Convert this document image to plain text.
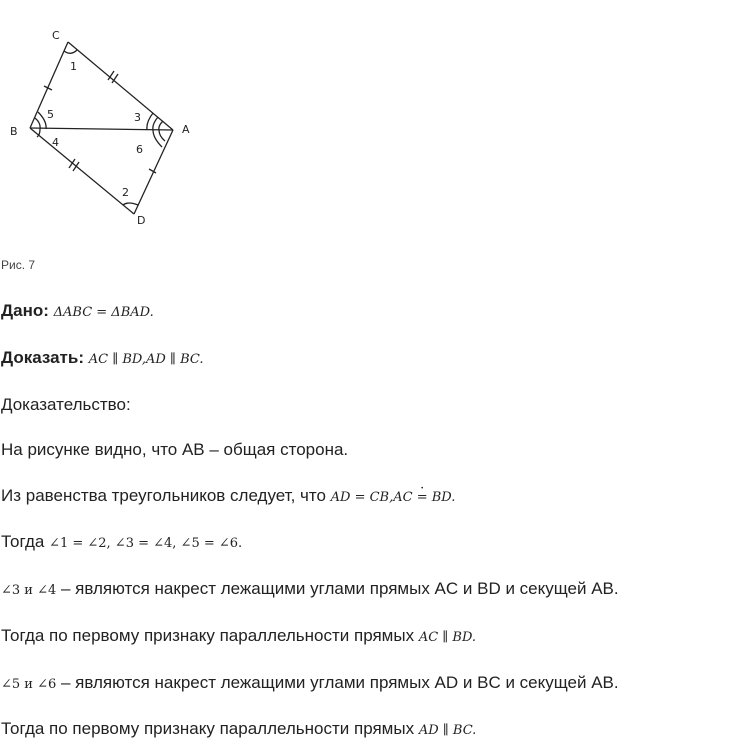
C
B	A
D
1
2
3
4
5
6
Рис. 7
Дано: ΔABC = ΔBAD.
Доказать: AC ∥ BD,AD ∥ BC.
Доказательство:
На рисунке видно, что AB – общая сторона.
Из равенства треугольников следует, что AD = CB,AC = · BD.
Тогда ∠1 = ∠2, ∠3 = ∠4, ∠5 = ∠6.
∠3 и ∠4 – являются накрест лежащими углами прямых AC и BD и секущей AB.
Тогда по первому признаку параллельности прямых AC ∥ BD.
∠5 и ∠6 – являются накрест лежащими углами прямых AD и BC и секущей AB.
Тогда по первому признаку параллельности прямых AD ∥ BC.
